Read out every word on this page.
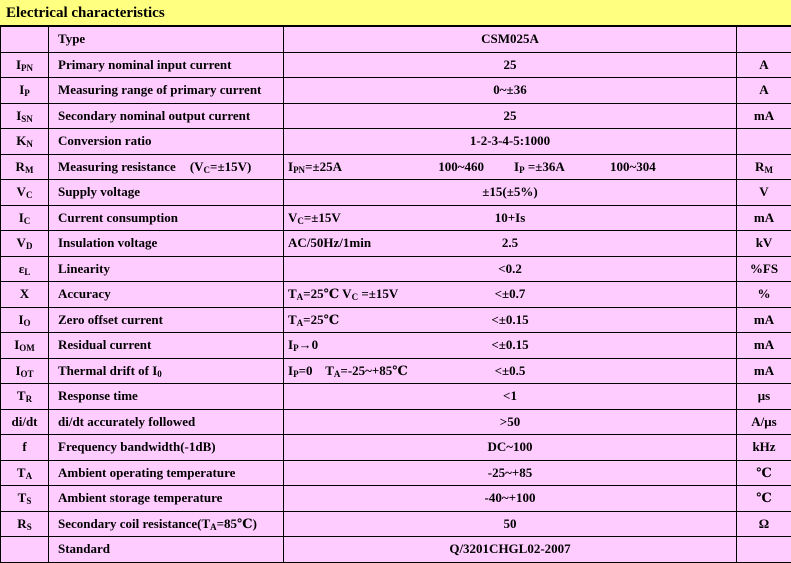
Electrical characteristics
	Type	CSM025A	
$I_{PN}$	Primary nominal input current	25	A
$I_P$	Measuring range of primary current	0~±36	A
$I_{SN}$	Secondary nominal output current	25	mA
$K_N$	Conversion ratio	1-2-3-4-5:1000	
$R_M$	Measuring resistance $(V_C=\pm 15V)$	$I_{PN}=\pm 25A$ 100~460 $I_P =\pm 36A$ 100~304	$R_M$
$V_C$	Supply voltage	±15(±5%)	V
$I_C$	Current consumption	$V_C=\pm 15V$ 10+Is	mA
$V_D$	Insulation voltage	AC/50Hz/1min 2.5	kV
$\varepsilon_L$	Linearity	<0.2	%FS
X	Accuracy	$T_A=25℃$ $V_C =\pm 15V <\pm 0.7$	%
$I_O$	Zero offset current	$T_A=25℃ <\pm 0.15$	mA
$I_{OM}$	Residual current	$I_P\to 0 <\pm 0.15$	mA
$I_{OT}$	Thermal drift of $I_0$	$I_P=0$    $T_A=-25\sim+85℃ <\pm 0.5$	mA
$T_R$	Response time	<1	μs
di/dt	di/dt accurately followed	>50	A/μs
f	Frequency bandwidth(-1dB)	DC~100	kHz
$T_A$	Ambient operating temperature	-25~+85	℃
$T_S$	Ambient storage temperature	-40~+100	℃
$R_S$	Secondary coil $resistance(T_A=85℃)$	50	Ω
	Standard	Q/3201CHGL02-2007	
